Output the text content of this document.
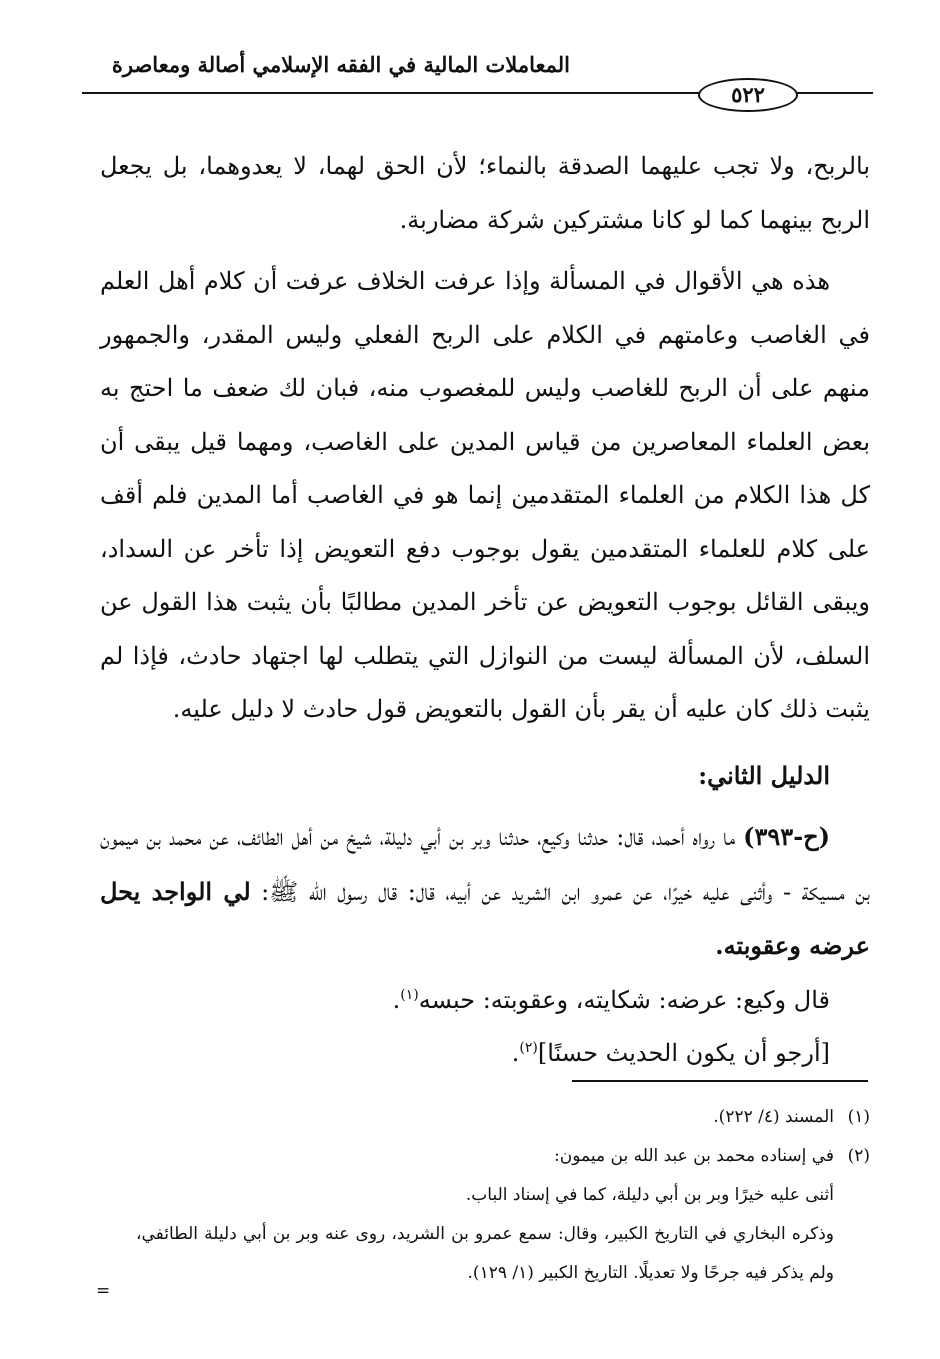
المعاملات المالية في الفقه الإسلامي أصالة ومعاصرة
٥٢٢

بالربح، ولا تجب عليهما الصدقة بالنماء؛ لأن الحق لهما، لا يعدوهما، بل يجعل الربح بينهما كما لو كانا مشتركين شركة مضاربة.

هذه هي الأقوال في المسألة وإذا عرفت الخلاف عرفت أن كلام أهل العلم في الغاصب وعامتهم في الكلام على الربح الفعلي وليس المقدر، والجمهور منهم على أن الربح للغاصب وليس للمغصوب منه، فبان لك ضعف ما احتج به بعض العلماء المعاصرين من قياس المدين على الغاصب، ومهما قيل يبقى أن كل هذا الكلام من العلماء المتقدمين إنما هو في الغاصب أما المدين فلم أقف على كلام للعلماء المتقدمين يقول بوجوب دفع التعويض إذا تأخر عن السداد، ويبقى القائل بوجوب التعويض عن تأخر المدين مطالبًا بأن يثبت هذا القول عن السلف، لأن المسألة ليست من النوازل التي يتطلب لها اجتهاد حادث، فإذا لم يثبت ذلك كان عليه أن يقر بأن القول بالتعويض قول حادث لا دليل عليه.

الدليل الثاني:

(ح-٣٩٣) ما رواه أحمد، قال: حدثنا وكيع، حدثنا وبر بن أبي دليلة، شيخ من أهل الطائف، عن محمد بن ميمون بن مسيكة - وأثنى عليه خيرًا، عن عمرو ابن الشريد عن أبيه، قال: قال رسول الله ﷺ: لي الواجد يحل عرضه وعقوبته.

قال وكيع: عرضه: شكايته، وعقوبته: حبسه$^{(١)}$.

[أرجو أن يكون الحديث حسنًا]$^{(٢)}$.

(١)المسند (٤/ ٢٢٢).

(٢)في إسناده محمد بن عبد الله بن ميمون:

أثنى عليه خيرًا وبر بن أبي دليلة، كما في إسناد الباب.

وذكره البخاري في التاريخ الكبير، وقال: سمع عمرو بن الشريد، روى عنه وبر بن أبي دليلة الطائفي، ولم يذكر فيه جرحًا ولا تعديلًا. التاريخ الكبير (١/ ١٢٩).

=
